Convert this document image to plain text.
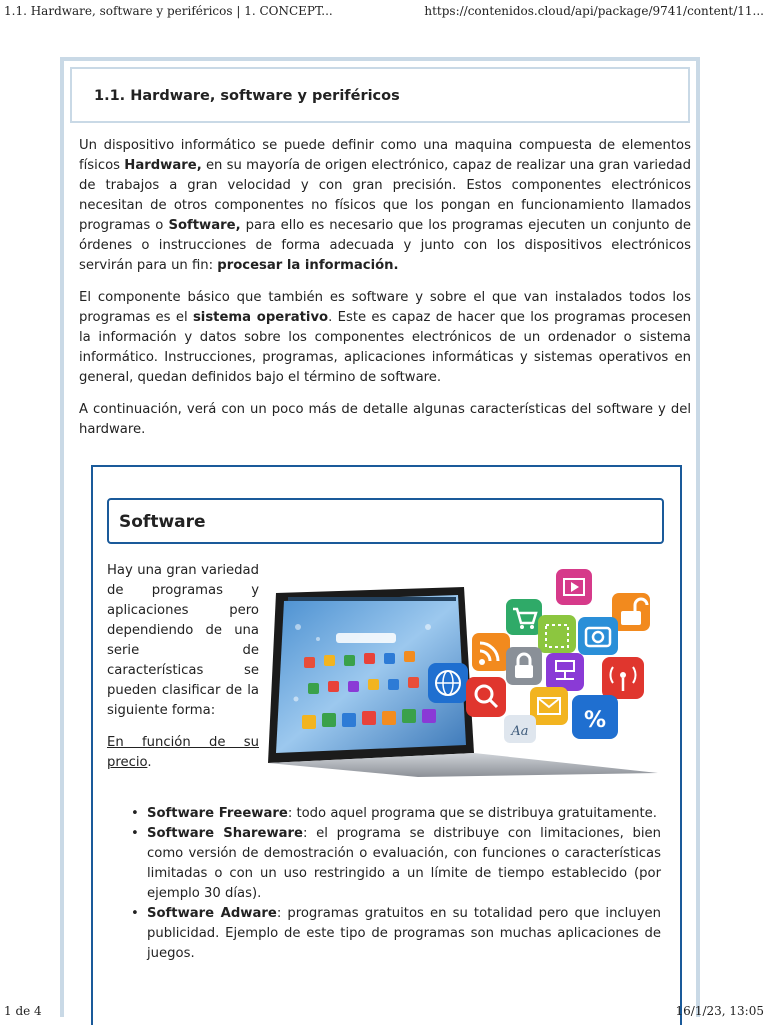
1.1. Hardware, software y periféricos | 1. CONCEPT...	https://contenidos.cloud/api/package/9741/content/11...
1.1. Hardware, software y periféricos

Un dispositivo informático se puede definir como una maquina compuesta de elementos físicos Hardware, en su mayoría de origen electrónico, capaz de realizar una gran variedad de trabajos a gran velocidad y con gran precisión. Estos componentes electrónicos necesitan de otros componentes no físicos que los pongan en funcionamiento llamados programas o Software, para ello es necesario que los programas ejecuten un conjunto de órdenes o instrucciones de forma adecuada y junto con los dispositivos electrónicos servirán para un fin: procesar la información.

El componente básico que también es software y sobre el que van instalados todos los programas es el sistema operativo. Este es capaz de hacer que los programas procesen la información y datos sobre los componentes electrónicos de un ordenador o sistema informático. Instrucciones, programas, aplicaciones informáticas y sistemas operativos en general, quedan definidos bajo el término de software.

A continuación, verá con un poco más de detalle algunas características del software y del hardware.

Software

Hay una gran variedad de programas y aplicaciones pero dependiendo de una serie de características se pueden clasificar de la siguiente forma:

En función de su precio.

%
Aa
• Software Freeware: todo aquel programa que se distribuya gratuitamente.
• Software Shareware: el programa se distribuye con limitaciones, bien como versión de demostración o evaluación, con funciones o características limitadas o con un uso restringido a un límite de tiempo establecido (por ejemplo 30 días).
• Software Adware: programas gratuitos en su totalidad pero que incluyen publicidad. Ejemplo de este tipo de programas son muchas aplicaciones de juegos.
1 de 4	16/1/23, 13:05
